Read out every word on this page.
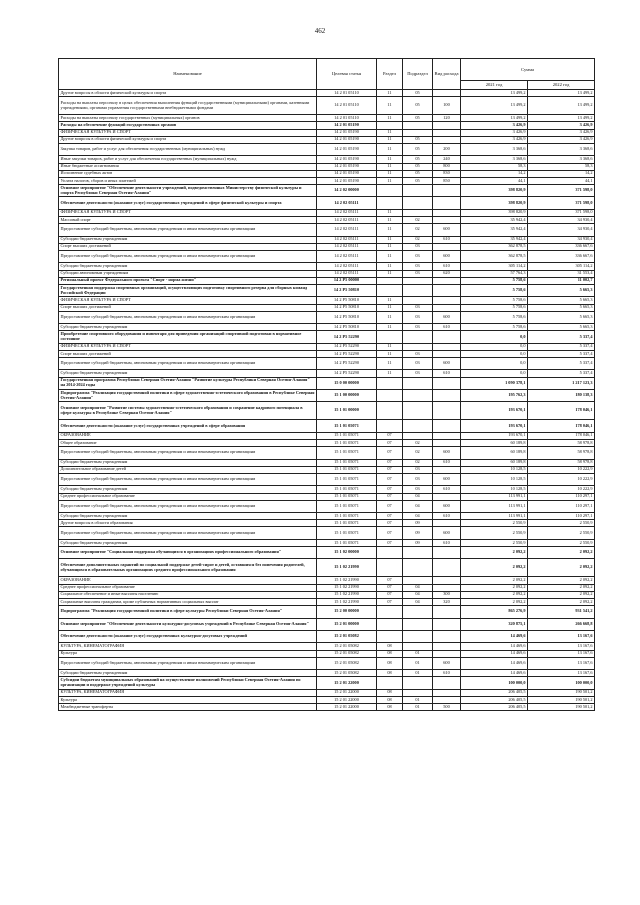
462
Наименование	Целевая статья	Раздел	Подраздел	Вид расхода	Сумма	
					2021 год	2022 год
Другие вопросы в области физической культуры и спорта	14 2 01 05110	11	05		13 499,2	13 499,2
Расходы на выплаты персоналу в целях обеспечения выполнения функций государственными (муниципальными) органами, казенными учреждениями, органами управления государственными внебюджетными фондами	14 2 01 05110	11	05	100	13 499,2	13 499,2
Расходы на выплаты персоналу государственных (муниципальных) органов	14 2 01 05110	11	05	120	13 499,2	13 499,2
Расходы на обеспечение функций государственных органов	14 2 01 05190				3 426,9	3 426,9
ФИЗИЧЕСКАЯ КУЛЬТУРА И СПОРТ	14 2 01 05190	11			3 426,9	3 426,9
Другие вопросы в области физической культуры и спорта	14 2 01 05190	11	05		3 426,9	3 426,9
Закупка товаров, работ и услуг для обеспечения государственных (муниципальных) нужд	14 2 01 05190	11	05	200	3 368,6	3 368,6
Иные закупки товаров, работ и услуг для обеспечения государственных (муниципальных) нужд	14 2 01 05190	11	05	240	3 368,6	3 368,6
Иные бюджетные ассигнования	14 2 01 05190	11	05	800	58,3	58,3
Исполнение судебных актов	14 2 01 05190	11	05	830	14,2	14,2
Уплата налогов, сборов и иных платежей	14 2 01 05190	11	05	850	44,1	44,1
Основное мероприятие "Обеспечение деятельности учреждений, подведомственных Министерству физической культуры и спорта Республики Северная Осетия-Алания"	14 2 02 00000				398 820,9	371 598,0
Обеспечение деятельности (оказание услуг) государственных учреждений в сфере физической культуры и спорта	14 2 02 05111				398 820,9	371 598,0
ФИЗИЧЕСКАЯ КУЛЬТУРА И СПОРТ	14 2 02 05111	11			398 820,9	371 598,0
Массовый спорт	14 2 02 05111	11	02		35 942,4	34 930,4
Предоставление субсидий бюджетным, автономным учреждениям и иным некоммерческим организациям	14 2 02 05111	11	02	600	35 942,4	34 930,4
Субсидии бюджетным учреждениям	14 2 02 05111	11	02	610	35 942,4	34 930,4
Спорт высших достижений	14 2 02 05111	11	03		362 878,5	336 667,6
Предоставление субсидий бюджетным, автономным учреждениям и иным некоммерческим организациям	14 2 02 05111	11	03	600	362 878,5	336 667,6
Субсидии бюджетным учреждениям	14 2 02 05111	11	03	610	305 114,2	305 114,2
Субсидии автономным учреждениям	14 2 02 05111	11	03	620	57 764,3	31 553,4
Региональный проект Федерального проекта "Спорт - норма жизни"	14 2 P5 00000				5 758,6	11 002,7
Государственная поддержка спортивных организаций, осуществляющих подготовку спортивного резерва для сборных команд Российской Федерации	14 2 P5 50810				5 758,6	5 665,3
ФИЗИЧЕСКАЯ КУЛЬТУРА И СПОРТ	14 2 P5 50810	11			5 758,6	5 665,3
Спорт высших достижений	14 2 P5 50810	11	03		5 758,6	5 665,3
Предоставление субсидий бюджетным, автономным учреждениям и иным некоммерческим организациям	14 2 P5 50810	11	03	600	5 758,6	5 665,3
Субсидии бюджетным учреждениям	14 2 P5 50810	11	03	610	5 758,6	5 665,3
Приобретение спортивного оборудования и инвентаря для приведения организаций спортивной подготовки в нормативное состояние	14 2 P5 52290				0,0	5 337,4
ФИЗИЧЕСКАЯ КУЛЬТУРА И СПОРТ	14 2 P5 52290	11			0,0	5 337,4
Спорт высших достижений	14 2 P5 52290	11	03		0,0	5 337,4
Предоставление субсидий бюджетным, автономным учреждениям и иным некоммерческим организациям	14 2 P5 52290	11	03	600	0,0	5 337,4
Субсидии бюджетным учреждениям	14 2 P5 52290	11	03	610	0,0	5 337,4
Государственная программа Республики Северная Осетия-Алания "Развитие культуры Республики Северная Осетия-Алания" на 2014-2024 годы	15 0 00 00000				1 090 378,1	1 217 123,3
Подпрограмма "Реализация государственной политики в сфере художественно-эстетического образования в Республике Северная Осетия-Алания"	15 1 00 00000				195 762,3	180 138,3
Основное мероприятие "Развитие системы художественно-эстетического образования и сохранение кадрового потенциала в сфере культуры в Республике Северная Осетия-Алания"	15 1 01 00000				193 670,1	178 046,1
Обеспечение деятельности (оказание услуг) государственных учреждений в сфере образования	15 1 01 05071				193 670,1	178 046,1
ОБРАЗОВАНИЕ	15 1 01 05071	07			193 670,1	178 046,1
Общее образование	15 1 01 05071	07	02		60 189,8	58 978,8
Предоставление субсидий бюджетным, автономным учреждениям и иным некоммерческим организациям	15 1 01 05071	07	02	600	60 189,8	58 978,8
Субсидии бюджетным учреждениям	15 1 01 05071	07	02	610	60 189,8	58 978,8
Дополнительное образование детей	15 1 01 05071	07	03		10 128,5	10 222,9
Предоставление субсидий бюджетным, автономным учреждениям и иным некоммерческим организациям	15 1 01 05071	07	03	600	10 128,5	10 222,9
Субсидии бюджетным учреждениям	15 1 01 05071	07	03	610	10 128,5	10 222,9
Среднее профессиональное образование	15 1 01 05071	07	04		113 991,1	110 297,1
Предоставление субсидий бюджетным, автономным учреждениям и иным некоммерческим организациям	15 1 01 05071	07	04	600	113 991,1	110 297,1
Субсидии бюджетным учреждениям	15 1 01 05071	07	04	610	113 991,1	110 297,1
Другие вопросы в области образования	15 1 01 05071	07	09		2 550,9	2 550,9
Предоставление субсидий бюджетным, автономным учреждениям и иным некоммерческим организациям	15 1 01 05071	07	09	600	2 550,9	2 550,9
Субсидии бюджетным учреждениям	15 1 01 05071	07	09	610	2 550,9	2 550,9
Основное мероприятие "Социальная поддержка обучающихся в организациях профессионального образования"	15 1 02 00000				2 092,2	2 092,2
Обеспечение дополнительных гарантий по социальной поддержке детей-сирот и детей, оставшихся без попечения родителей, обучающихся в образовательных организациях среднего профессионального образования	15 1 02 21990				2 092,2	2 092,2
ОБРАЗОВАНИЕ	15 1 02 21990	07			2 092,2	2 092,2
Среднее профессиональное образование	15 1 02 21990	07	04		2 092,2	2 092,2
Социальное обеспечение и иные выплаты населению	15 1 02 21990	07	04	300	2 092,2	2 092,2
Социальные выплаты гражданам, кроме публичных нормативных социальных выплат	15 1 02 21990	07	04	320	2 092,2	2 092,2
Подпрограмма "Реализация государственной политики в сфере культуры Республики Северная Осетия-Алания"	15 2 00 00000				865 276,9	931 541,2
Основное мероприятие "Обеспечение деятельности культурно-досуговых учреждений в Республике Северная Осетия-Алания"	15 2 01 00000				320 875,1	266 668,8
Обеспечение деятельности (оказание услуг) государственных культурно-досуговых учреждений	15 2 01 05082				14 469,6	13 167,6
КУЛЬТУРА, КИНЕМАТОГРАФИЯ	15 2 01 05082	08			14 469,6	13 167,6
Культура	15 2 01 05082	08	01		14 469,6	13 167,6
Предоставление субсидий бюджетным, автономным учреждениям и иным некоммерческим организациям	15 2 01 05082	08	01	600	14 469,6	13 167,6
Субсидии бюджетным учреждениям	15 2 01 05082	08	01	610	14 469,6	13 167,6
Субсидии бюджетам муниципальных образований на осуществление полномочий Республики Северная Осетия-Алания по организации и поддержке учреждений культуры	15 2 01 22000				100 000,0	100 000,0
КУЛЬТУРА, КИНЕМАТОГРАФИЯ	15 2 01 22000	08			206 405,5	190 501,2
Культура	15 2 01 22000	08	01		206 405,5	190 501,2
Межбюджетные трансферты	15 2 01 22000	08	01	500	206 405,5	190 501,2
